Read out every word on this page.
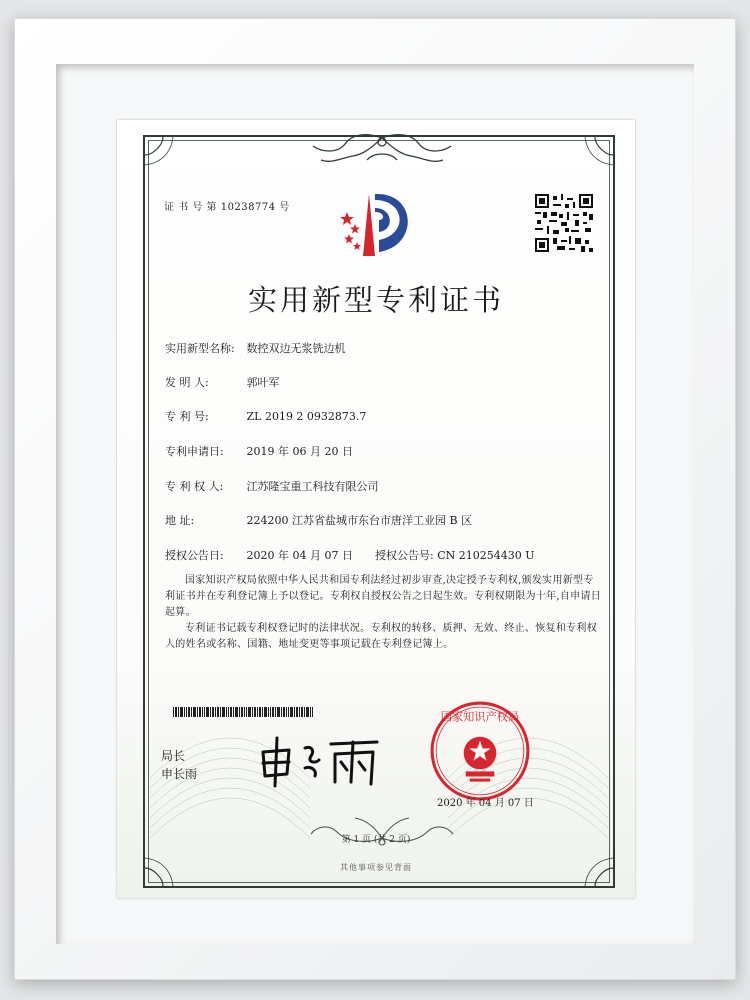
证 书 号 第 10238774 号
实用新型专利证书
实用新型名称: 数控双边无浆铣边机
发 明 人:	郭叶军
专 利 号:	ZL 2019 2 0932873.7
专利申请日: 2019 年 06 月 20 日
专 利 权 人: 江苏隆宝重工科技有限公司
地 址:	224200 江苏省盐城市东台市唐洋工业园 B 区
授权公告日: 2020 年 04 月 07 日 授权公告号: CN 210254430 U
国家知识产权局依照中华人民共和国专利法经过初步审查,决定授予专利权,颁发实用新型专利证书并在专利登记簿上予以登记。专利权自授权公告之日起生效。专利权期限为十年,自申请日起算。
专利证书记载专利权登记时的法律状况。专利权的转移、质押、无效、终止、恢复和专利权人的姓名或名称、国籍、地址变更等事项记载在专利登记簿上。
局长
申长雨
国家知识产权局
2020 年 04 月 07 日
第 1 页 (共 2 页)
其他事项参见背面
